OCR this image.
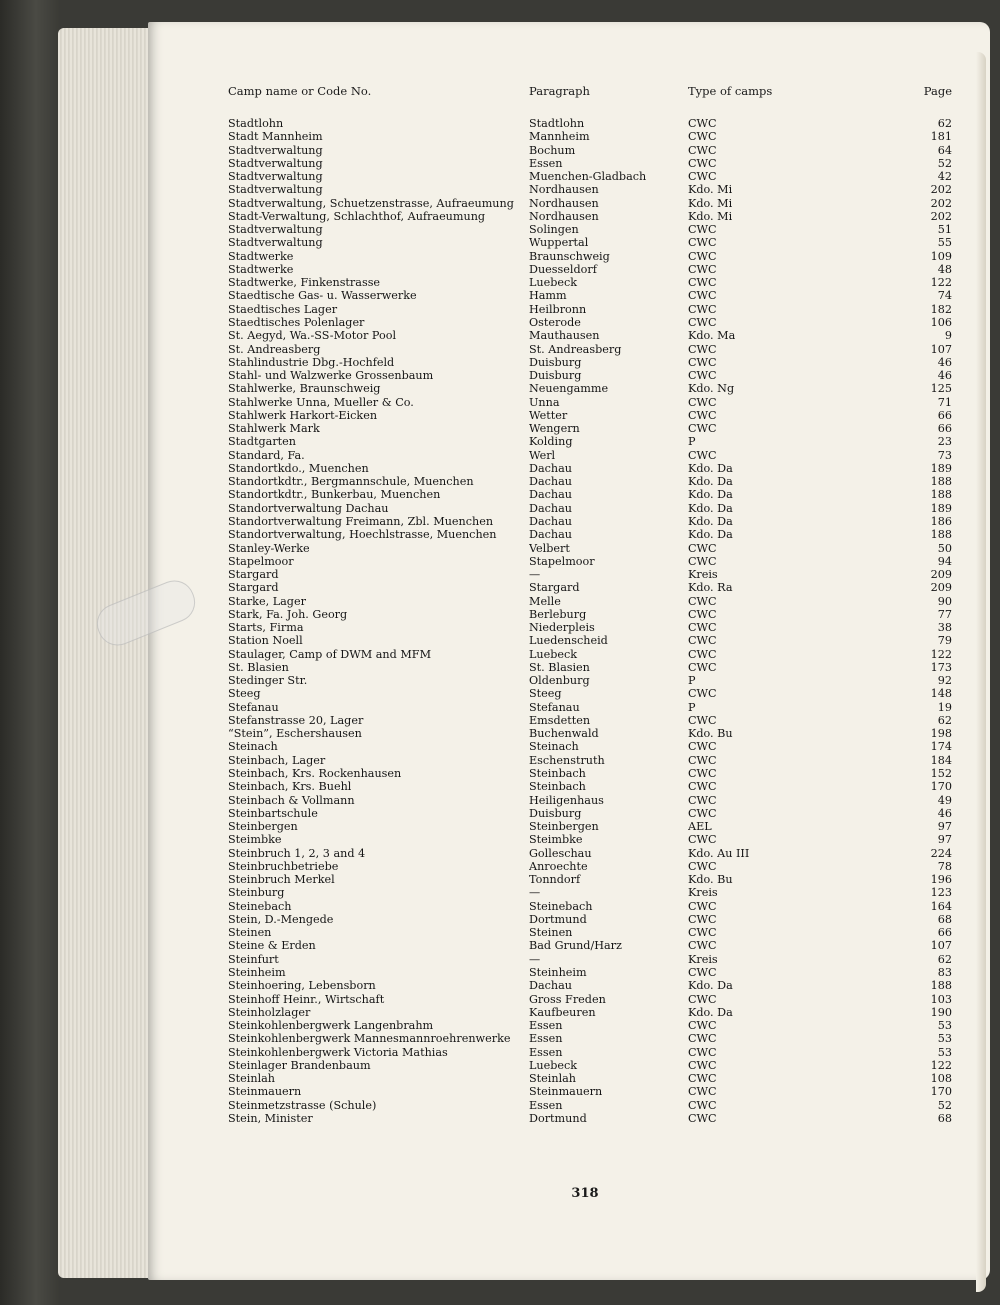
Camp name or Code No.	Paragraph	Type of camps	Page
Stadtlohn	Stadtlohn	CWC	62
Stadt Mannheim	Mannheim	CWC	181
Stadtverwaltung	Bochum	CWC	64
Stadtverwaltung	Essen	CWC	52
Stadtverwaltung	Muenchen-Gladbach	CWC	42
Stadtverwaltung	Nordhausen	Kdo. Mi	202
Stadtverwaltung, Schuetzenstrasse, Aufraeumung	Nordhausen	Kdo. Mi	202
Stadt-Verwaltung, Schlachthof, Aufraeumung	Nordhausen	Kdo. Mi	202
Stadtverwaltung	Solingen	CWC	51
Stadtverwaltung	Wuppertal	CWC	55
Stadtwerke	Braunschweig	CWC	109
Stadtwerke	Duesseldorf	CWC	48
Stadtwerke, Finkenstrasse	Luebeck	CWC	122
Staedtische Gas- u. Wasserwerke	Hamm	CWC	74
Staedtisches Lager	Heilbronn	CWC	182
Staedtisches Polenlager	Osterode	CWC	106
St. Aegyd, Wa.-SS-Motor Pool	Mauthausen	Kdo. Ma	9
St. Andreasberg	St. Andreasberg	CWC	107
Stahlindustrie Dbg.-Hochfeld	Duisburg	CWC	46
Stahl- und Walzwerke Grossenbaum	Duisburg	CWC	46
Stahlwerke, Braunschweig	Neuengamme	Kdo. Ng	125
Stahlwerke Unna, Mueller & Co.	Unna	CWC	71
Stahlwerk Harkort-Eicken	Wetter	CWC	66
Stahlwerk Mark	Wengern	CWC	66
Stadtgarten	Kolding	P	23
Standard, Fa.	Werl	CWC	73
Standortkdo., Muenchen	Dachau	Kdo. Da	189
Standortkdtr., Bergmannschule, Muenchen	Dachau	Kdo. Da	188
Standortkdtr., Bunkerbau, Muenchen	Dachau	Kdo. Da	188
Standortverwaltung Dachau	Dachau	Kdo. Da	189
Standortverwaltung Freimann, Zbl. Muenchen	Dachau	Kdo. Da	186
Standortverwaltung, Hoechlstrasse, Muenchen	Dachau	Kdo. Da	188
Stanley-Werke	Velbert	CWC	50
Stapelmoor	Stapelmoor	CWC	94
Stargard	—	Kreis	209
Stargard	Stargard	Kdo. Ra	209
Starke, Lager	Melle	CWC	90
Stark, Fa. Joh. Georg	Berleburg	CWC	77
Starts, Firma	Niederpleis	CWC	38
Station Noell	Luedenscheid	CWC	79
Staulager, Camp of DWM and MFM	Luebeck	CWC	122
St. Blasien	St. Blasien	CWC	173
Stedinger Str.	Oldenburg	P	92
Steeg	Steeg	CWC	148
Stefanau	Stefanau	P	19
Stefanstrasse 20, Lager	Emsdetten	CWC	62
“Stein”, Eschershausen	Buchenwald	Kdo. Bu	198
Steinach	Steinach	CWC	174
Steinbach, Lager	Eschenstruth	CWC	184
Steinbach, Krs. Rockenhausen	Steinbach	CWC	152
Steinbach, Krs. Buehl	Steinbach	CWC	170
Steinbach & Vollmann	Heiligenhaus	CWC	49
Steinbartschule	Duisburg	CWC	46
Steinbergen	Steinbergen	AEL	97
Steimbke	Steimbke	CWC	97
Steinbruch 1, 2, 3 and 4	Golleschau	Kdo. Au III	224
Steinbruchbetriebe	Anroechte	CWC	78
Steinbruch Merkel	Tonndorf	Kdo. Bu	196
Steinburg	—	Kreis	123
Steinebach	Steinebach	CWC	164
Stein, D.-Mengede	Dortmund	CWC	68
Steinen	Steinen	CWC	66
Steine & Erden	Bad Grund/Harz	CWC	107
Steinfurt	—	Kreis	62
Steinheim	Steinheim	CWC	83
Steinhoering, Lebensborn	Dachau	Kdo. Da	188
Steinhoff Heinr., Wirtschaft	Gross Freden	CWC	103
Steinholzlager	Kaufbeuren	Kdo. Da	190
Steinkohlenbergwerk Langenbrahm	Essen	CWC	53
Steinkohlenbergwerk Mannesmannroehrenwerke	Essen	CWC	53
Steinkohlenbergwerk Victoria Mathias	Essen	CWC	53
Steinlager Brandenbaum	Luebeck	CWC	122
Steinlah	Steinlah	CWC	108
Steinmauern	Steinmauern	CWC	170
Steinmetzstrasse (Schule)	Essen	CWC	52
Stein, Minister	Dortmund	CWC	68
318
